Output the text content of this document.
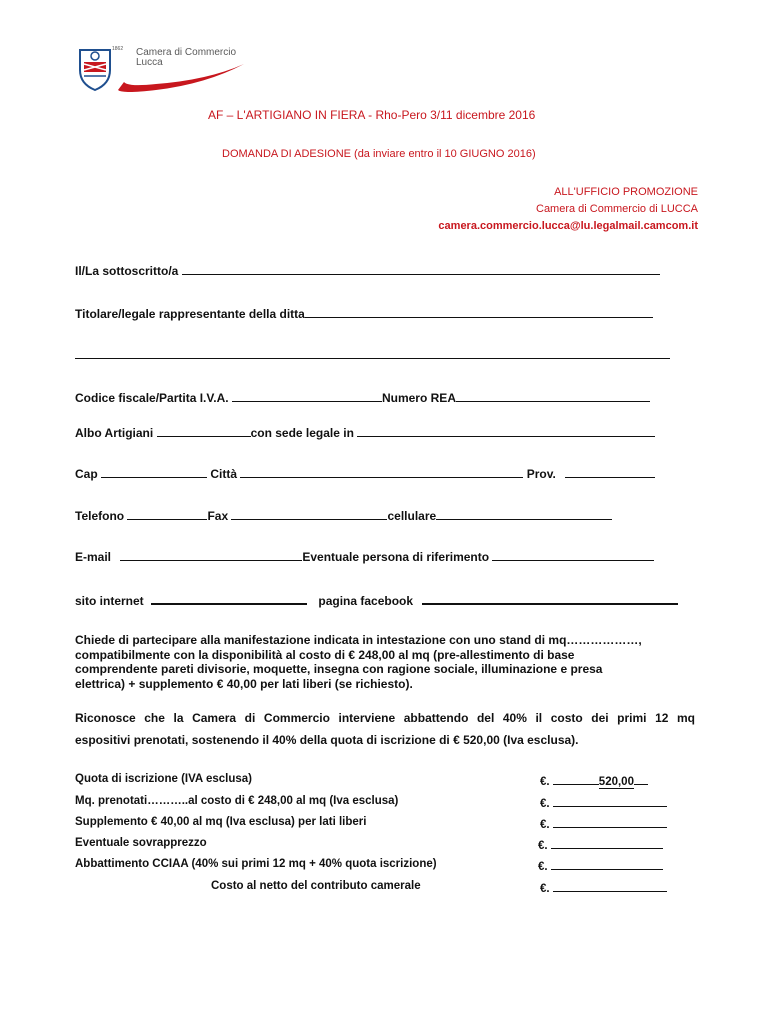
1862 Camera di Commercio
Lucca
AF – L'ARTIGIANO IN FIERA - Rho-Pero 3/11 dicembre 2016
DOMANDA DI ADESIONE (da inviare entro il 10 GIUGNO 2016)
ALL'UFFICIO PROMOZIONE
Camera di Commercio di LUCCA
camera.commercio.lucca@lu.legalmail.camcom.it
Il/La sottoscritto/a
Titolare/legale rappresentante della ditta
Codice fiscale/Partita I.V.A.	Numero REA
Albo Artigiani	con sede legale in
Cap	Città	Prov.
Telefono	Fax	cellulare
E-mail	Eventuale persona di riferimento
sito internet	pagina facebook
Chiede di partecipare alla manifestazione indicata in intestazione con uno stand di mq………………,
compatibilmente con la disponibilità al costo di € 248,00 al mq (pre-allestimento di base
comprendente pareti divisorie, moquette, insegna con ragione sociale, illuminazione e presa
elettrica) + supplemento € 40,00 per lati liberi (se richiesto).
Riconosce che la Camera di Commercio interviene abbattendo del 40% il costo dei primi 12 mq
espositivi prenotati, sostenendo il 40% della quota di iscrizione di € 520,00 (Iva esclusa).
Quota di iscrizione (IVA esclusa)	€.	520,00
Mq. prenotati………..al costo di € 248,00 al mq (Iva esclusa)	€.
Supplemento € 40,00 al mq (Iva esclusa) per lati liberi	€.
Eventuale sovrapprezzo	€.
Abbattimento CCIAA (40% sui primi 12 mq + 40% quota iscrizione)	€.
Costo al netto del contributo camerale	€.
